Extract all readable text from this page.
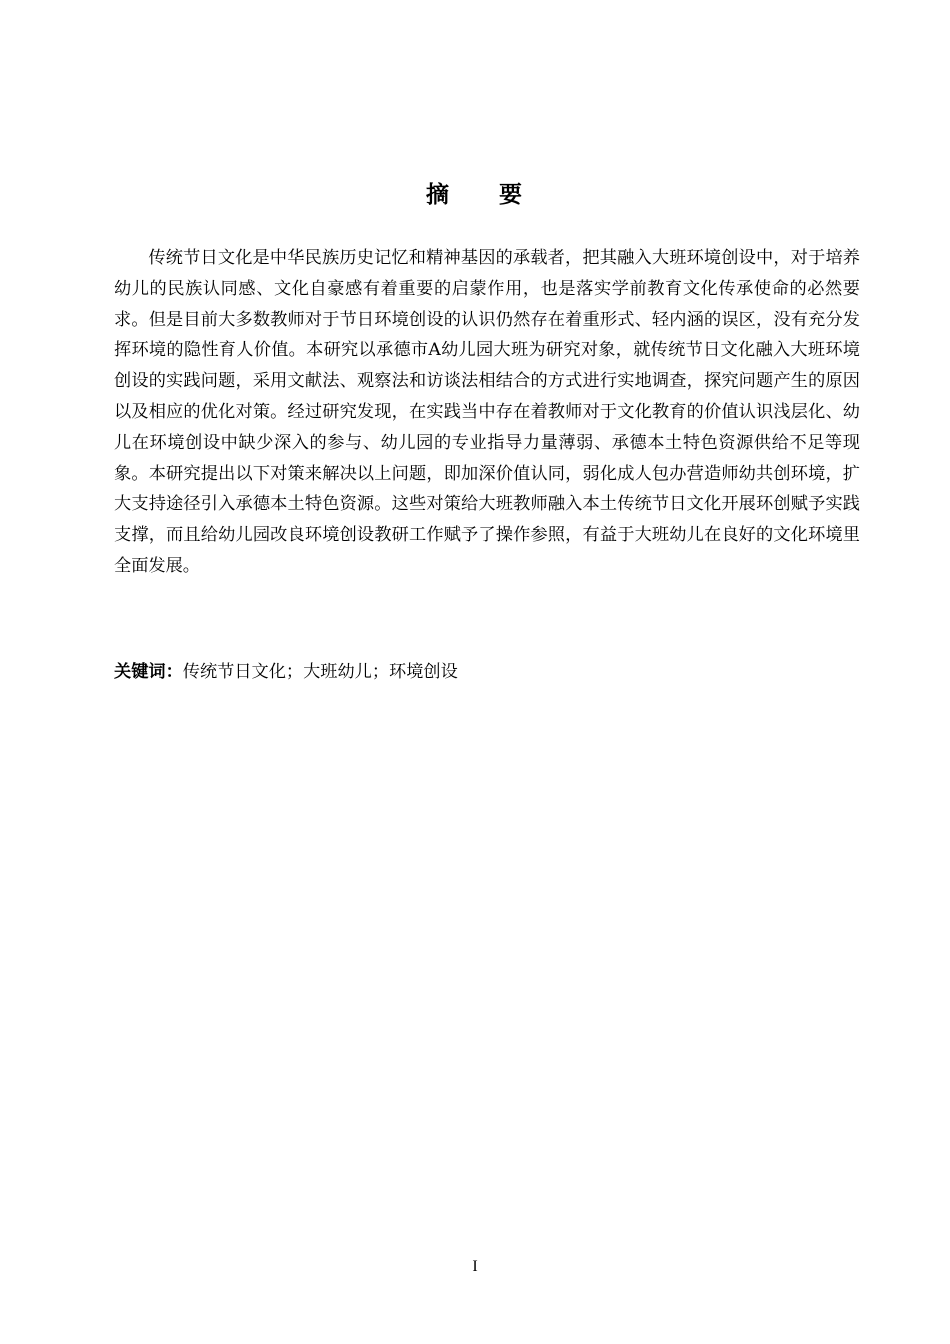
摘 要

传统节日文化是中华民族历史记忆和精神基因的承载者，把其融入大班环境创设中，对于培养幼儿的民族认同感、文化自豪感有着重要的启蒙作用，也是落实学前教育文化传承使命的必然要求。但是目前大多数教师对于节日环境创设的认识仍然存在着重形式、轻内涵的误区，没有充分发挥环境的隐性育人价值。本研究以承德市A幼儿园大班为研究对象，就传统节日文化融入大班环境创设的实践问题，采用文献法、观察法和访谈法相结合的方式进行实地调查，探究问题产生的原因以及相应的优化对策。经过研究发现，在实践当中存在着教师对于文化教育的价值认识浅层化、幼儿在环境创设中缺少深入的参与、幼儿园的专业指导力量薄弱、承德本土特色资源供给不足等现象。本研究提出以下对策来解决以上问题，即加深价值认同，弱化成人包办营造师幼共创环境，扩大支持途径引入承德本土特色资源。这些对策给大班教师融入本土传统节日文化开展环创赋予实践支撑，而且给幼儿园改良环境创设教研工作赋予了操作参照，有益于大班幼儿在良好的文化环境里全面发展。

关键词：传统节日文化；大班幼儿；环境创设
I
